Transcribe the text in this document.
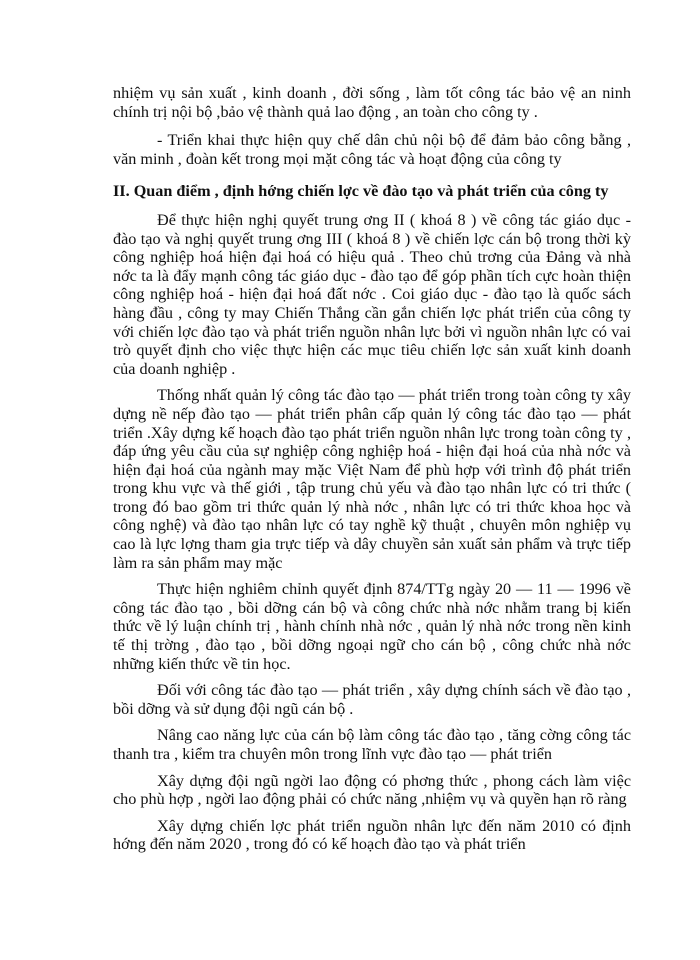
nhiệm vụ sản xuất , kinh doanh , đời sống , làm tốt công tác bảo vệ an ninh chính trị nội bộ ,bảo vệ thành quả lao động , an toàn cho công ty .

- Triển khai thực hiện quy chế dân chủ nội bộ để đảm bảo công bằng , văn minh , đoàn kết trong mọi mặt công tác và hoạt động của công ty

II. Quan điểm , định hớng chiến lợc về đào tạo và phát triển của công ty

Để thực hiện nghị quyết trung ơng II ( khoá 8 ) về công tác giáo dục - đào tạo và nghị quyết trung ơng III ( khoá 8 ) về chiến lợc cán bộ trong thời kỳ công nghiệp hoá hiện đại hoá có hiệu quả . Theo chủ trơng của Đảng và nhà nớc ta là đẩy mạnh công tác giáo dục - đào tạo để góp phần tích cực hoàn thiện công nghiệp hoá - hiện đại hoá đất nớc . Coi giáo dục - đào tạo là quốc sách hàng đầu , công ty may Chiến Thắng cần gắn chiến lợc phát triển của công ty với chiến lợc đào tạo và phát triển nguồn nhân lực bởi vì nguồn nhân lực có vai trò quyết định cho việc thực hiện các mục tiêu chiến lợc sản xuất kinh doanh của doanh nghiệp .

Thống nhất quản lý công tác đào tạo — phát triển trong toàn công ty xây dựng nề nếp đào tạo — phát triển phân cấp quản lý công tác đào tạo — phát triển .Xây dựng kế hoạch đào tạo phát triển nguồn nhân lực trong toàn công ty , đáp ứng yêu cầu của sự nghiệp công nghiệp hoá - hiện đại hoá của nhà nớc và hiện đại hoá của ngành may mặc Việt Nam để phù hợp với trình độ phát triển trong khu vực và thế giới , tập trung chủ yếu và đào tạo nhân lực có tri thức ( trong đó bao gồm tri thức quản lý nhà nớc , nhân lực có tri thức khoa học và công nghệ) và đào tạo nhân lực có tay nghề kỹ thuật , chuyên môn nghiệp vụ cao là lực lợng tham gia trực tiếp và dây chuyền sản xuất sản phẩm và trực tiếp làm ra sản phẩm may mặc

Thực hiện nghiêm chỉnh quyết định 874/TTg ngày 20 — 11 — 1996 về công tác đào tạo , bồi dỡng cán bộ và công chức nhà nớc nhằm trang bị kiến thức về lý luận chính trị , hành chính nhà nớc , quản lý nhà nớc trong nền kinh tế thị trờng , đào tạo , bồi dỡng ngoại ngữ cho cán bộ , công chức nhà nớc những kiến thức về tin học.

Đối với công tác đào tạo — phát triển , xây dựng chính sách về đào tạo , bồi dỡng và sử dụng đội ngũ cán bộ .

Nâng cao năng lực của cán bộ làm công tác đào tạo , tăng cờng công tác thanh tra , kiểm tra chuyên môn trong lĩnh vực đào tạo — phát triển

Xây dựng đội ngũ ngời lao động có phơng thức , phong cách làm việc cho phù hợp , ngời lao động phải có chức năng ,nhiệm vụ và quyền hạn rõ ràng

Xây dựng chiến lợc phát triển nguồn nhân lực đến năm 2010 có định hớng đến năm 2020 , trong đó có kế hoạch đào tạo và phát triển
